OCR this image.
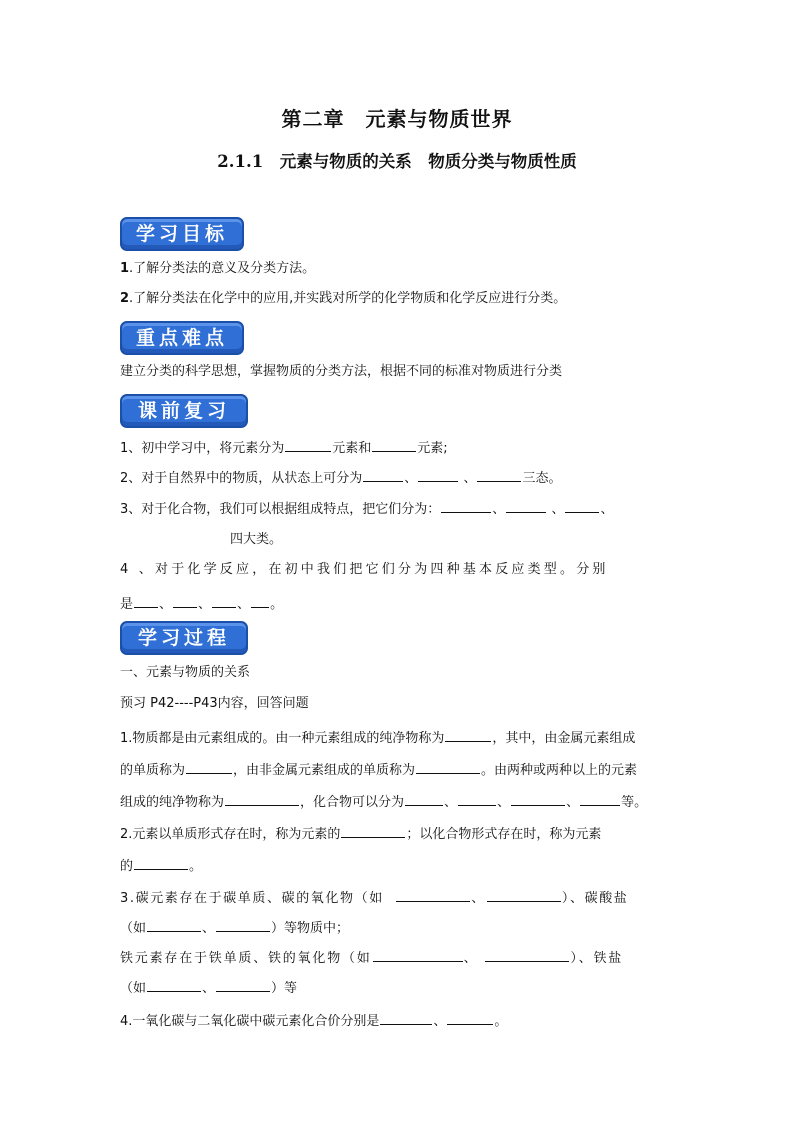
第二章　元素与物质世界
2.1.1　元素与物质的关系　物质分类与物质性质
学习目标
1.了解分类法的意义及分类方法。
2.了解分类法在化学中的应用,并实践对所学的化学物质和化学反应进行分类。
重点难点
建立分类的科学思想，掌握物质的分类方法，根据不同的标准对物质进行分类
课前复习
1、初中学习中，将元素分为	元素和	元素;
2、对于自然界中的物质，从状态上可分为	、	、	三态。
3、对于化合物，我们可以根据组成特点，把它们分为：	、	、	、
四大类。
4 、对于化学反应，在初中我们把它们分为四种基本反应类型。分别
是 、 、 、 。
学习过程
一、元素与物质的关系
预习 P42----P43内容，回答问题
1.物质都是由元素组成的。由一种元素组成的纯净物称为	，其中，由金属元素组成
的单质称为	，由非金属元素组成的单质称为	。由两种或两种以上的元素
组成的纯净物称为	，化合物可以分为	、	、	、	等。
2.元素以单质形式存在时，称为元素的	；以化合物形式存在时，称为元素
的	。
3.碳元素存在于碳单质、碳的氧化物（如	、	）、碳酸盐
（如	、	）等物质中；
铁元素存在于铁单质、铁的氧化物（如	、	）、铁盐
（如	、	）等
4.一氧化碳与二氧化碳中碳元素化合价分别是	、	。
